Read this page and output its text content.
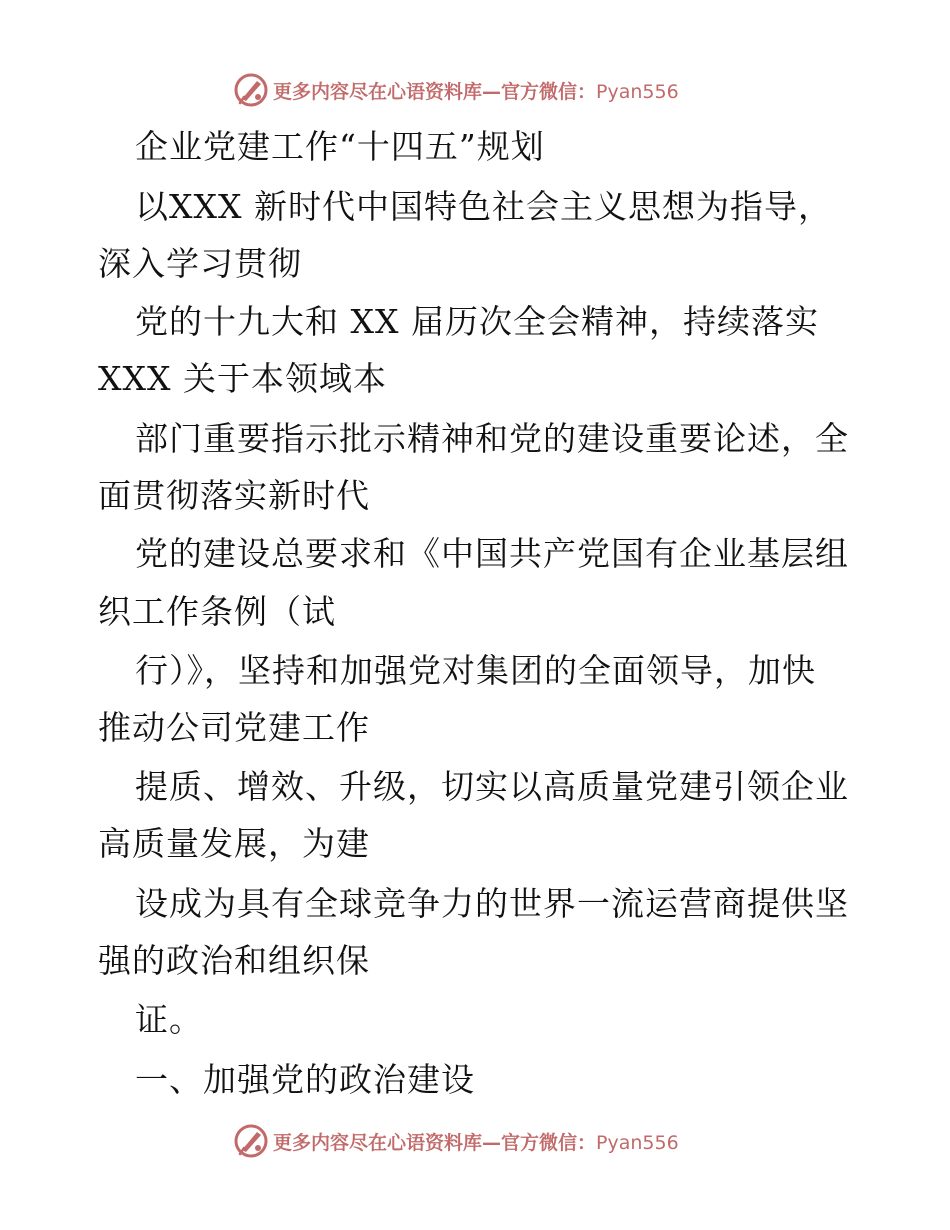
更多内容尽在心语资料库—官方微信：Pyan556
企业党建工作“十四五”规划
以XXX 新时代中国特色社会主义思想为指导，
深入学习贯彻
党的十九大和 XX 届历次全会精神，持续落实
XXX 关于本领域本
部门重要指示批示精神和党的建设重要论述，全
面贯彻落实新时代
党的建设总要求和《中国共产党国有企业基层组
织工作条例（试
行）》，坚持和加强党对集团的全面领导，加快
推动公司党建工作
提质、增效、升级，切实以高质量党建引领企业
高质量发展，为建
设成为具有全球竞争力的世界一流运营商提供坚
强的政治和组织保
证。
一、加强党的政治建设
更多内容尽在心语资料库—官方微信：Pyan556
